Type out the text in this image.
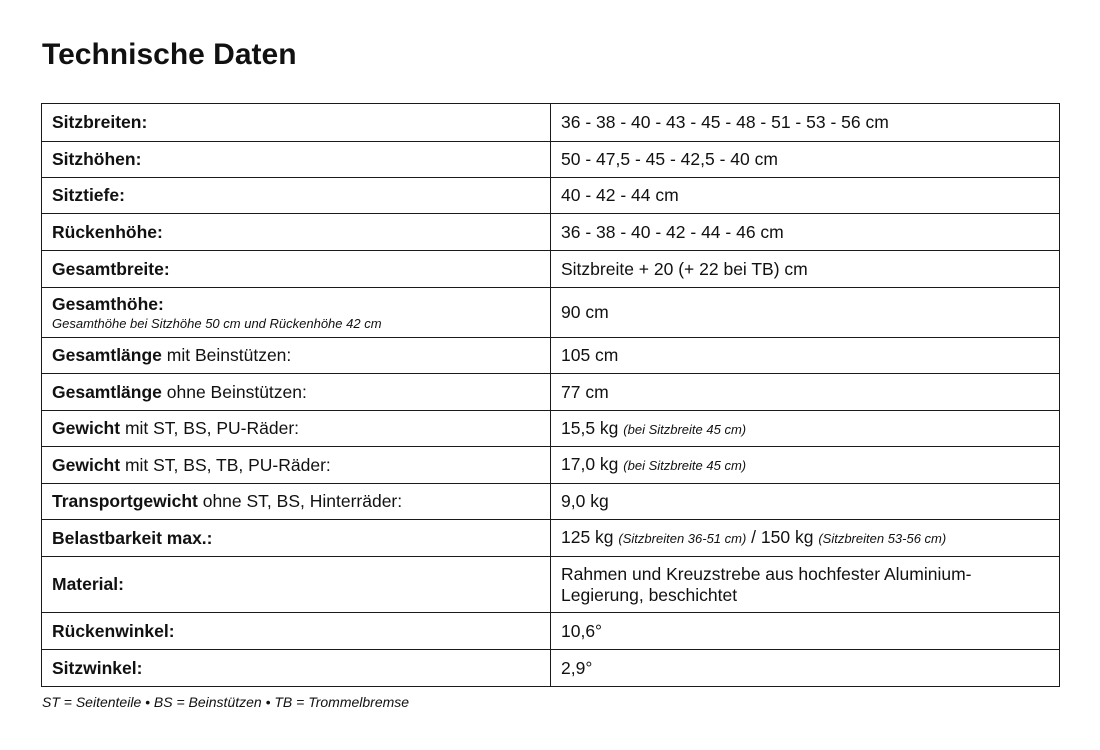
Technische Daten
Sitzbreiten:	36 - 38 - 40 - 43 - 45 - 48 - 51 - 53 - 56 cm
Sitzhöhen:	50 - 47,5 - 45 - 42,5 - 40 cm
Sitztiefe:	40 - 42 - 44 cm
Rückenhöhe:	36 - 38 - 40 - 42 - 44 - 46 cm
Gesamtbreite:	Sitzbreite + 20 (+ 22 bei TB) cm
Gesamthöhe:
Gesamthöhe bei Sitzhöhe 50 cm und Rückenhöhe 42 cm	90 cm
Gesamtlänge mit Beinstützen:	105 cm
Gesamtlänge ohne Beinstützen:	77 cm
Gewicht mit ST, BS, PU-Räder:	15,5 kg (bei Sitzbreite 45 cm)
Gewicht mit ST, BS, TB, PU-Räder:	17,0 kg (bei Sitzbreite 45 cm)
Transportgewicht ohne ST, BS, Hinterräder:	9,0 kg
Belastbarkeit max.:	125 kg (Sitzbreiten 36-51 cm) / 150 kg (Sitzbreiten 53-56 cm)
Material:	Rahmen und Kreuzstrebe aus hochfester Aluminium-
Legierung, beschichtet
Rückenwinkel:	10,6°
Sitzwinkel:	2,9°
ST = Seitenteile • BS = Beinstützen • TB = Trommelbremse
